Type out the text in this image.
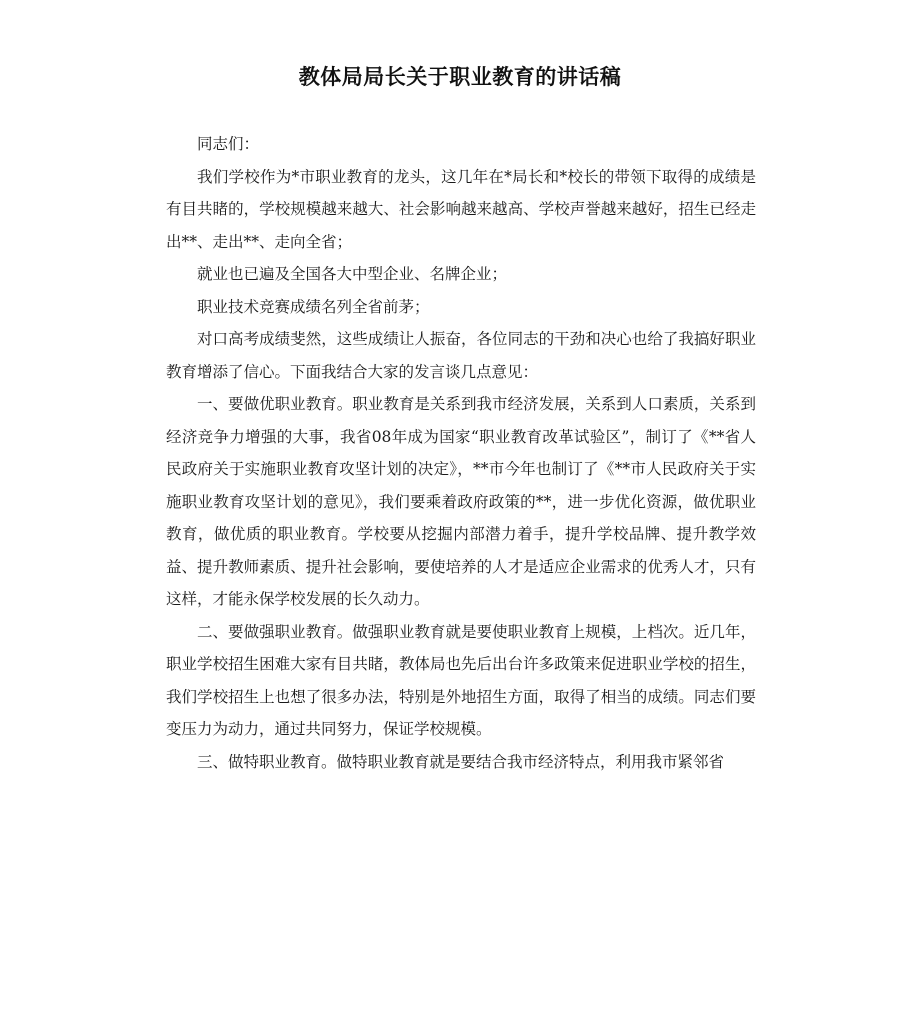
教体局局长关于职业教育的讲话稿

同志们：

我们学校作为*市职业教育的龙头，这几年在*局长和*校长的带领下取得的成绩是有目共睹的，学校规模越来越大、社会影响越来越高、学校声誉越来越好，招生已经走出**、走出**、走向全省；

就业也已遍及全国各大中型企业、名牌企业；

职业技术竞赛成绩名列全省前茅；

对口高考成绩斐然，这些成绩让人振奋，各位同志的干劲和决心也给了我搞好职业教育增添了信心。下面我结合大家的发言谈几点意见：

一、要做优职业教育。职业教育是关系到我市经济发展，关系到人口素质，关系到经济竞争力增强的大事，我省08年成为国家“职业教育改革试验区”，制订了《**省人民政府关于实施职业教育攻坚计划的决定》，**市今年也制订了《**市人民政府关于实施职业教育攻坚计划的意见》，我们要乘着政府政策的**，进一步优化资源，做优职业教育，做优质的职业教育。学校要从挖掘内部潜力着手，提升学校品牌、提升教学效益、提升教师素质、提升社会影响，要使培养的人才是适应企业需求的优秀人才，只有这样，才能永保学校发展的长久动力。

二、要做强职业教育。做强职业教育就是要使职业教育上规模，上档次。近几年，职业学校招生困难大家有目共睹，教体局也先后出台许多政策来促进职业学校的招生，我们学校招生上也想了很多办法，特别是外地招生方面，取得了相当的成绩。同志们要变压力为动力，通过共同努力，保证学校规模。

三、做特职业教育。做特职业教育就是要结合我市经济特点，利用我市紧邻省
